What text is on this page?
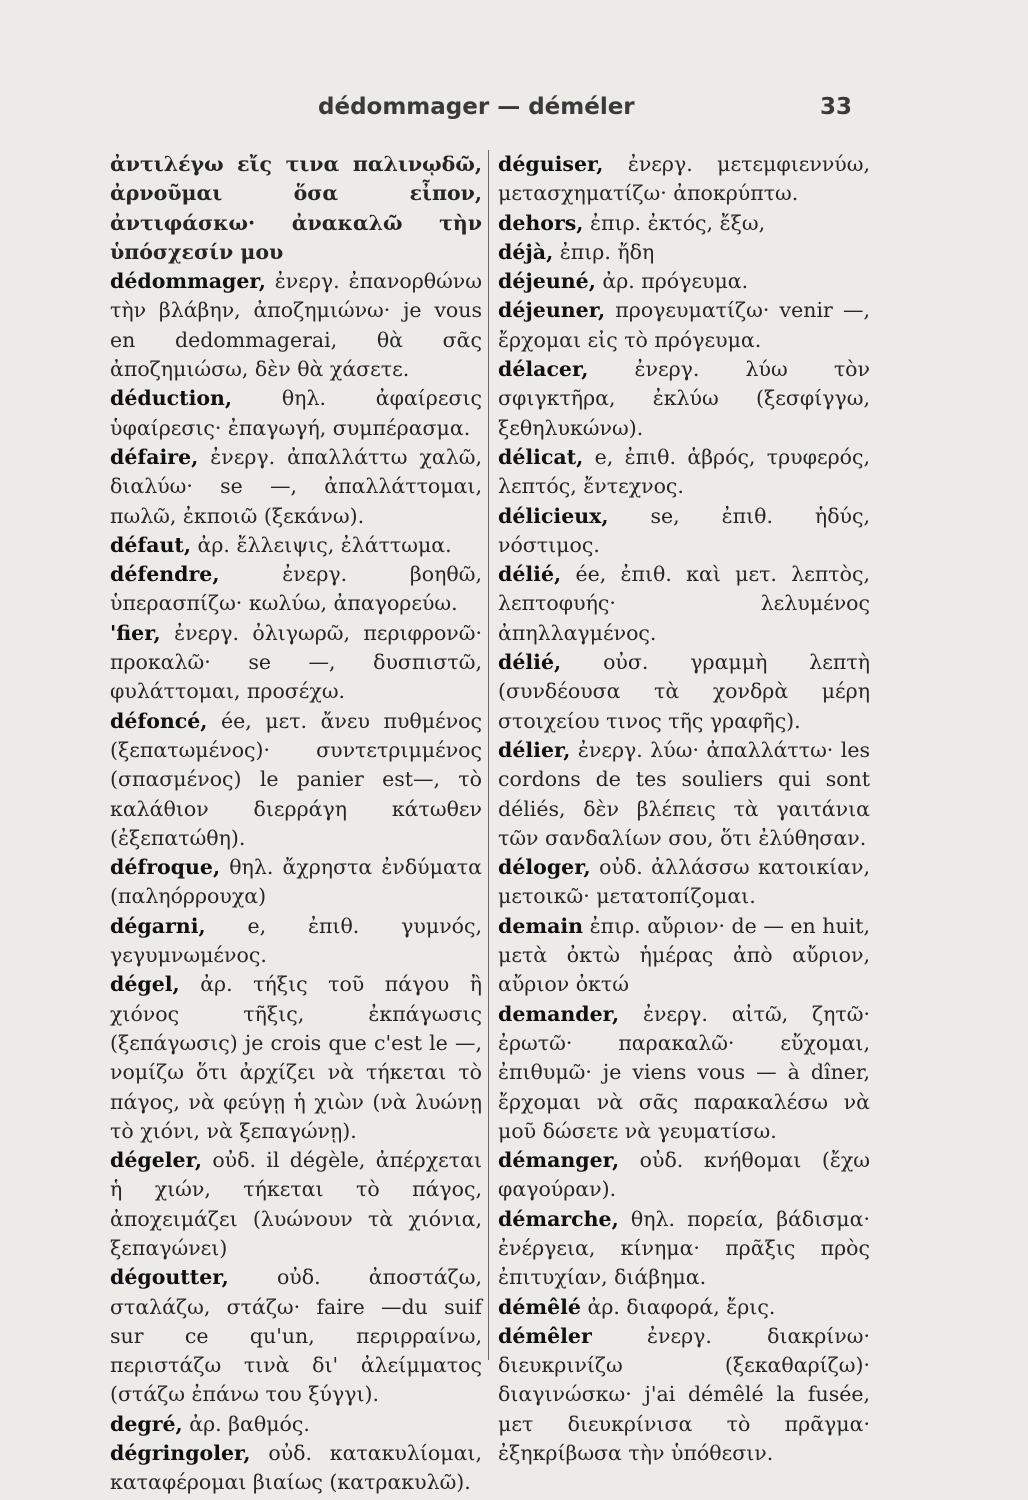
dédommager — déméler	33

ἀντιλέγω εἴς τινα παλινῳδῶ, ἀρνοῦμαι ὅσα εἶπον, ἀντιφάσκω· ἀνακαλῶ τὴν ὑπόσχεσίν μου

dédommager, ἐνεργ. ἐπανορθώνω τὴν βλάβην, ἀποζημιώνω· je vous en dedommagerai, θὰ σᾶς ἀποζημιώσω, δὲν θὰ χάσετε.

déduction, θηλ. ἀφαίρεσις ὑφαίρεσις· ἐπαγωγή, συμπέρασμα.

défaire, ἐνεργ. ἀπαλλάττω χαλῶ, διαλύω· se —, ἀπαλλάττομαι, πωλῶ, ἐκποιῶ (ξεκάνω).

défaut, ἀρ. ἔλλειψις, ἐλάττωμα.

défendre,	ἐνεργ. βοηθῶ, ὑπερασπίζω· κωλύω, ἀπαγορεύω.

'fier, ἐνεργ. ὀλιγωρῶ, περιφρονῶ· προκαλῶ· se —, δυσπιστῶ, φυλάττομαι, προσέχω.

défoncé, ée, μετ. ἄνευ πυθμένος (ξεπατωμένος)· συντετριμμένος (σπασμένος) le panier est—, τὸ καλάθιον διερράγη κάτωθεν (ἐξεπατώθη).

défroque, θηλ. ἄχρηστα ἐνδύματα (παληόρρουχα)

dégarni, e, ἐπιθ. γυμνός, γεγυμνωμένος.

dégel, ἀρ. τήξις τοῦ πάγου ἢ χιόνος τῆξις, ἐκπάγωσις (ξεπάγωσις) je crois que c'est le —, νομίζω ὅτι ἀρχίζει νὰ τήκεται τὸ πάγος, νὰ φεύγῃ ἡ χιὼν (νὰ λυώνῃ τὸ χιόνι, νὰ ξεπαγώνῃ).

dégeler, οὐδ. il dégèle, ἀπέρχεται ἡ χιών, τήκεται τὸ πάγος, ἀποχειμάζει (λυώνουν τὰ χιόνια, ξεπαγώνει)

dégoutter, οὐδ. ἀποστάζω, σταλάζω, στάζω· faire —du suif sur ce qu'un, περιρραίνω, περιστάζω τινὰ δι' ἀλείμματος (στάζω ἐπάνω του ξύγγι).

degré, ἀρ. βαθμός.

dégringoler, οὐδ. κατακυλίομαι, καταφέρομαι βιαίως (κατρακυλῶ).

déguiser, ἐνεργ. μετεμφιεννύω, μετασχηματίζω· ἀποκρύπτω.

dehors, ἐπιρ. ἐκτός, ἔξω,

déjà, ἐπιρ. ἤδη

déjeuné, ἀρ. πρόγευμα.

déjeuner, προγευματίζω· venir —, ἔρχομαι εἰς τὸ πρόγευμα.

délacer, ἐνεργ. λύω τὸν σφιγκτῆρα, ἐκλύω (ξεσφίγγω, ξεθηλυκώνω).

délicat, e, ἐπιθ. ἁβρός, τρυφερός, λεπτός, ἔντεχνος.

délicieux, se, ἐπιθ. ἡδύς, νόστιμος.

délié, ée, ἐπιθ. καὶ μετ. λεπτὸς, λεπτοφυής· λελυμένος ἀπηλλαγμένος.

délié, οὐσ. γραμμὴ λεπτὴ (συνδέουσα τὰ χονδρὰ μέρη στοιχείου τινος τῆς γραφῆς).

délier, ἐνεργ. λύω· ἀπαλλάττω· les cordons de tes souliers qui sont déliés, δὲν βλέπεις τὰ γαιτάνια τῶν σανδαλίων σου, ὅτι ἐλύθησαν.

déloger, οὐδ. ἀλλάσσω κατοικίαν, μετοικῶ· μετατοπίζομαι.

demain ἐπιρ. αὔριον· de — en huit, μετὰ ὀκτὼ ἡμέρας ἀπὸ αὔριον, αὔριον ὀκτώ

demander, ἐνεργ. αἰτῶ, ζητῶ· ἐρωτῶ· παρακαλῶ· εὔχομαι, ἐπιθυμῶ· je viens vous — à dîner, ἔρχομαι νὰ σᾶς παρακαλέσω νὰ μοῦ δώσετε νὰ γευματίσω.

démanger, οὐδ. κνήθομαι (ἔχω φαγούραν).

démarche, θηλ. πορεία, βάδισμα· ἐνέργεια, κίνημα· πρᾶξις πρὸς ἐπιτυχίαν, διάβημα.

démêlé ἀρ. διαφορά, ἔρις.

démêler	ἐνεργ. διακρίνω· διευκρινίζω (ξεκαθαρίζω)· διαγινώσκω· j'ai démêlé la fusée, μετ διευκρίνισα τὸ πρᾶγμα· ἐξηκρίβωσα τὴν ὑπόθεσιν.
